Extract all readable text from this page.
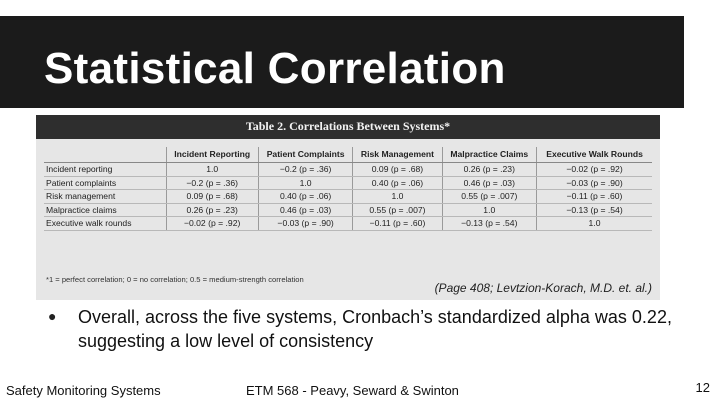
Statistical Correlation
Table 2. Correlations Between Systems*
	Incident Reporting	Patient Complaints	Risk Management	Malpractice Claims	Executive Walk Rounds
Incident reporting	1.0	−0.2 (p = .36)	0.09 (p = .68)	0.26 (p = .23)	−0.02 (p = .92)
Patient complaints	−0.2 (p = .36)	1.0	0.40 (p = .06)	0.46 (p = .03)	−0.03 (p = .90)
Risk management	0.09 (p = .68)	0.40 (p = .06)	1.0	0.55 (p = .007)	−0.11 (p = .60)
Malpractice claims	0.26 (p = .23)	0.46 (p = .03)	0.55 (p = .007)	1.0	−0.13 (p = .54)
Executive walk rounds	−0.02 (p = .92)	−0.03 (p = .90)	−0.11 (p = .60)	−0.13 (p = .54)	1.0
*1 = perfect correlation; 0 = no correlation; 0.5 = medium-strength correlation
(Page 408; Levtzion-Korach, M.D. et. al.)
●	Overall, across the five systems, Cronbach’s standardized alpha was 0.22, suggesting a low level of consistency
Safety Monitoring Systems	ETM 568 - Peavy, Seward & Swinton	12
